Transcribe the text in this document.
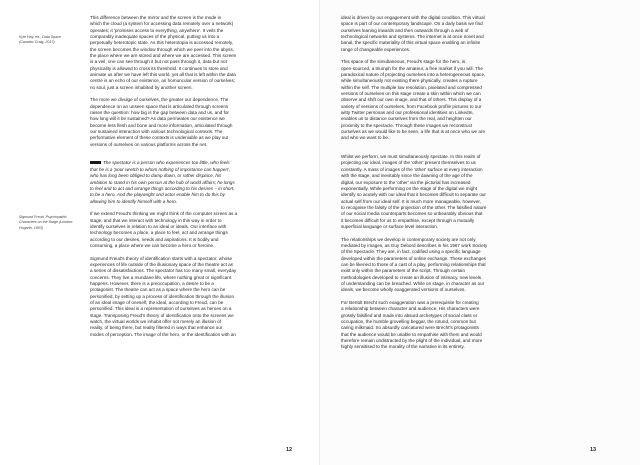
Kyle Hay, ed., Data Space
(Canada: Craig, 2013)
Sigmund Freud, Psychopathic
Characters on the Stage (London:
Hogarth, 1953)

This difference between the mirror and the screen is the mode in
which the cloud (a system for accessing data remotely over a network)
operates; it 'promises access to everything, anywhere'. It veils the
comparably inadequate spaces of the physical, putting us into a
perpetually heterotopic state. As this heterotopia is accessed remotely,
the screen becomes the window through which we peer into the abyss,
the place where we are stored and where we are accessed. This screen
is a veil, one can see through it but not pass through it, data but not
physicality is allowed to cross its threshold. It continues to store and
animate us after we have left this world, yet all that is left within the data
centre is an echo of our existence, an homuncular version of ourselves;
no soul, just a screen inhabited by another screen.

The more we divulge of ourselves, the greater our dependence. The
dependence on an unseen space that is articulated through screens
raises the question: how big is the gap between data and us, and for
how long will it be sustained? As data permeates our existence we
become less flesh and bone and more information, articulated through
our sustained interaction with various technological contexts. The
performative element of these contexts is undeniable as we play out
versions of ourselves on various platforms across the net.

The spectator is a person who experiences too little, who feels
that he is a 'poor wretch to whom nothing of importance can happen',
who has long been obliged to damp down, or rather displace, his
ambition to stand in his own person at the hub of world affairs; he longs
to feel and to act and arrange things according to his desires – in short,
to be a hero. And the playwright and actor enable him to do this by
allowing him to identify himself with a hero.

If we extend Freud's thinking we might think of the computer screen as a
stage, and that we interact with technology in this way in order to
identify ourselves in relation to an ideal or ideals. Our interface with
technology becomes a place, a place to feel, act and arrange things
according to our desires, needs and aspirations. It is bodily and
consuming, a place where we can become a hero or heroine.

Sigmund Freud's theory of identification starts with a spectator, whose
experiences of life outside of the illusionary space of the theatre act as
a series of dissatisfactions. The spectator has too many small, everyday
concerns. They live a mundane life, where nothing great or significant
happens. However, there is a preoccupation, a desire to be a
protagonist. The theatre can act as a space where the hero can be
personified, by setting up a process of identification through the illusion
of an ideal image of oneself, the ideal, according to Freud, can be
personified. This ideal is a representation of ourselves as heroes on a
stage. Transposing Freud's theory of identification onto the screens we
watch, the virtual worlds we inhabit offer not merely an illusion of
reality, of being there, but reality filtered in ways that enhance our
modes of perception. The image of the hero, or the identification with an

12

ideal is driven by our engagement with the digital condition. This virtual
space is part of our contemporary landscape. On a daily basis we find
ourselves leaning inwards and then outwards through a web of
technological networks and systems. The internet is at once novel and
banal, the specific materiality of this virtual space enabling an infinite
range of changeable experiences.

This space of the simultaneous, Freud's stage for the hero, is
open-sourced, a triumph for the amateur, a free market if you will. The
paradoxical nature of projecting ourselves into a heterogeneous space,
while simultaneously not existing there physically, creates a rupture
within the self. The multiple low resolution, pixelated and compressed
versions of ourselves on this stage create a skin within which we can
observe and shift our own image, and that of others. This display of a
variety of versions of ourselves, from Facebook profile pictures to our
witty Twitter personas and our professional identities on LinkedIn,
enables us to distance ourselves from the real, and heighten our
proximity to the spectacle. Through these images we reconstruct
ourselves as we would like to be seen, a life that is at once who we are
and who we want to be.

Whilst we perform, we must simultaneously spectate. In this realm of
projecting our ideal, images of the 'other' present themselves to us
constantly. A mass of images of the 'other' surface at every interaction
with the stage, and inevitably since the dawning of the age of the
digital, our exposure to the 'other' via the pictorial has increased
exponentially. While performing on the stage of the digital we might
identify so acutely with our ideal that it becomes difficult to separate our
actual self from our ideal self. It is much more manageable, however,
to recognise the falsity of the projection of the other. The falsified nature
of our social media counterparts becomes so unbearably obvious that
it becomes difficult for us to empathise, except through a mutually
superficial language or surface level interaction.

The relationships we develop in contemporary society are not only
mediated by images, as Guy Debord describes in his 1967 work Society
of the Spectacle. They are, in fact, codified using a specific language
developed within the parameters of online exchange. These exchanges
can be likened to those of a cast of a play, performing relationships that
exist only within the parameters of the script. Through certain
methodologies developed to create an illusion of intimacy, new levels
of understanding can be breached. While on stage, in character as our
ideals, we become wholly exaggerated versions of ourselves.

For Bertolt Brecht such exaggeration was a prerequisite for creating
a relationship between character and audience. His characters were
grossly falsified and made into absurd archetypes of social class or
occupation, the humble grovelling beggar, the rotund, common but
caring milkmaid. So absurdly caricatured were Brecht's protagonists
that the audience would be unable to empathise with them and would
therefore remain undistracted by the plight of the individual, and more
highly sensitised to the morality of the narrative in its entirety.

13
